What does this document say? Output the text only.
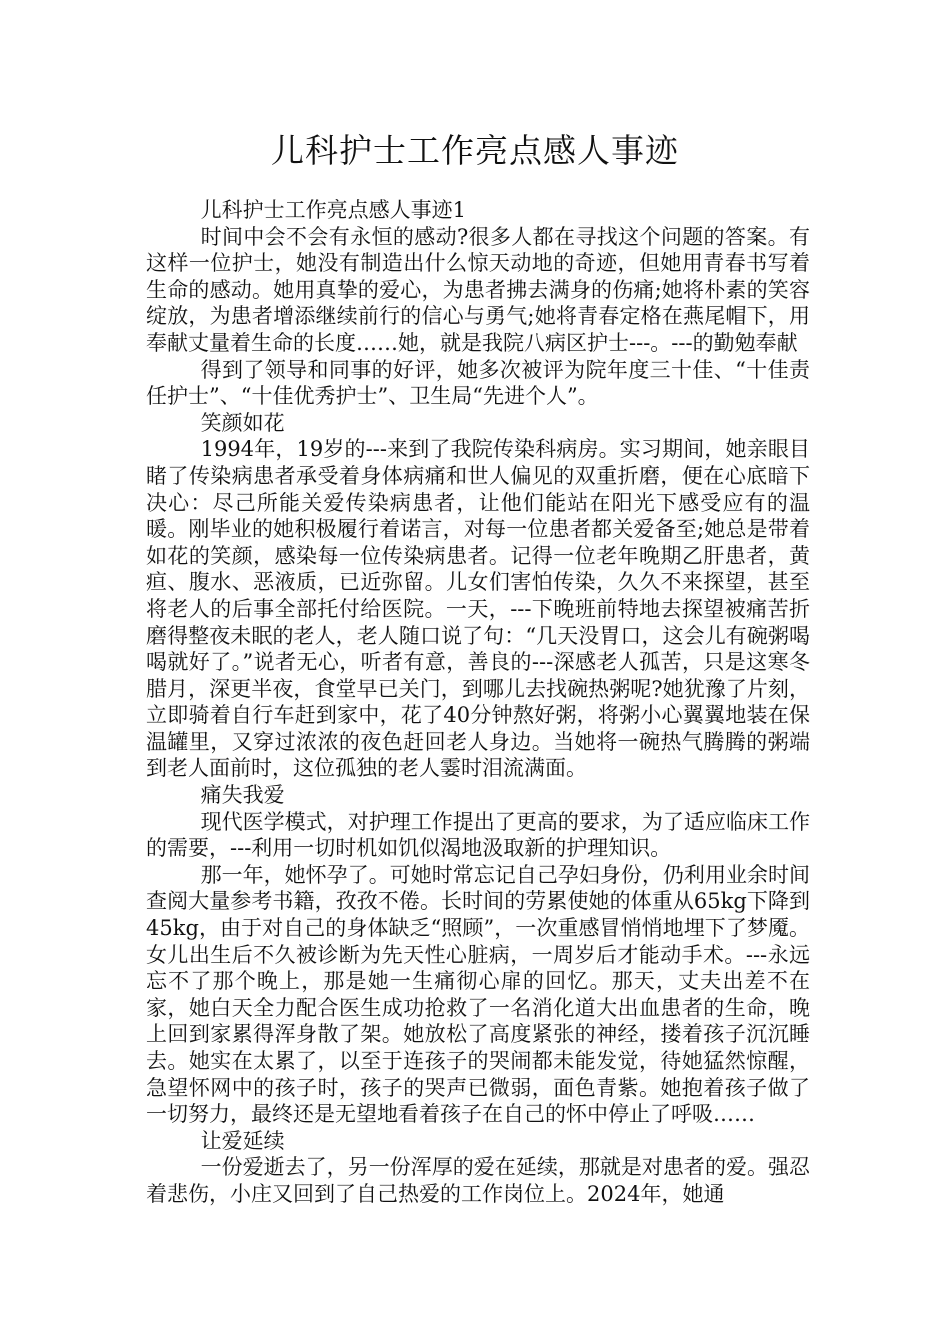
儿科护士工作亮点感人事迹

儿科护士工作亮点感人事迹1

时间中会不会有永恒的感动?很多人都在寻找这个问题的答案。有这样一位护士，她没有制造出什么惊天动地的奇迹，但她用青春书写着生命的感动。她用真挚的爱心，为患者拂去满身的伤痛;她将朴素的笑容绽放，为患者增添继续前行的信心与勇气;她将青春定格在燕尾帽下，用奉献丈量着生命的长度……她，就是我院八病区护士---。---的勤勉奉献

得到了领导和同事的好评，她多次被评为院年度三十佳、“十佳责任护士”、“十佳优秀护士”、卫生局“先进个人”。

笑颜如花

1994年，19岁的---来到了我院传染科病房。实习期间，她亲眼目睹了传染病患者承受着身体病痛和世人偏见的双重折磨，便在心底暗下决心：尽己所能关爱传染病患者，让他们能站在阳光下感受应有的温暖。刚毕业的她积极履行着诺言，对每一位患者都关爱备至;她总是带着如花的笑颜，感染每一位传染病患者。记得一位老年晚期乙肝患者，黄疸、腹水、恶液质，已近弥留。儿女们害怕传染，久久不来探望，甚至将老人的后事全部托付给医院。一天，---下晚班前特地去探望被痛苦折磨得整夜未眠的老人，老人随口说了句：“几天没胃口，这会儿有碗粥喝喝就好了。”说者无心，听者有意，善良的---深感老人孤苦，只是这寒冬腊月，深更半夜，食堂早已关门，到哪儿去找碗热粥呢?她犹豫了片刻，立即骑着自行车赶到家中，花了40分钟熬好粥，将粥小心翼翼地装在保温罐里，又穿过浓浓的夜色赶回老人身边。当她将一碗热气腾腾的粥端到老人面前时，这位孤独的老人霎时泪流满面。

痛失我爱

现代医学模式，对护理工作提出了更高的要求，为了适应临床工作的需要，---利用一切时机如饥似渴地汲取新的护理知识。

那一年，她怀孕了。可她时常忘记自己孕妇身份，仍利用业余时间查阅大量参考书籍，孜孜不倦。长时间的劳累使她的体重从65kg下降到45kg，由于对自己的身体缺乏“照顾”，一次重感冒悄悄地埋下了梦魇。女儿出生后不久被诊断为先天性心脏病，一周岁后才能动手术。---永远忘不了那个晚上，那是她一生痛彻心扉的回忆。那天，丈夫出差不在家，她白天全力配合医生成功抢救了一名消化道大出血患者的生命，晚上回到家累得浑身散了架。她放松了高度紧张的神经，搂着孩子沉沉睡去。她实在太累了，以至于连孩子的哭闹都未能发觉，待她猛然惊醒，急望怀网中的孩子时，孩子的哭声已微弱，面色青紫。她抱着孩子做了一切努力，最终还是无望地看着孩子在自己的怀中停止了呼吸……

让爱延续

一份爱逝去了，另一份浑厚的爱在延续，那就是对患者的爱。强忍着悲伤，小庄又回到了自己热爱的工作岗位上。2024年，她通
